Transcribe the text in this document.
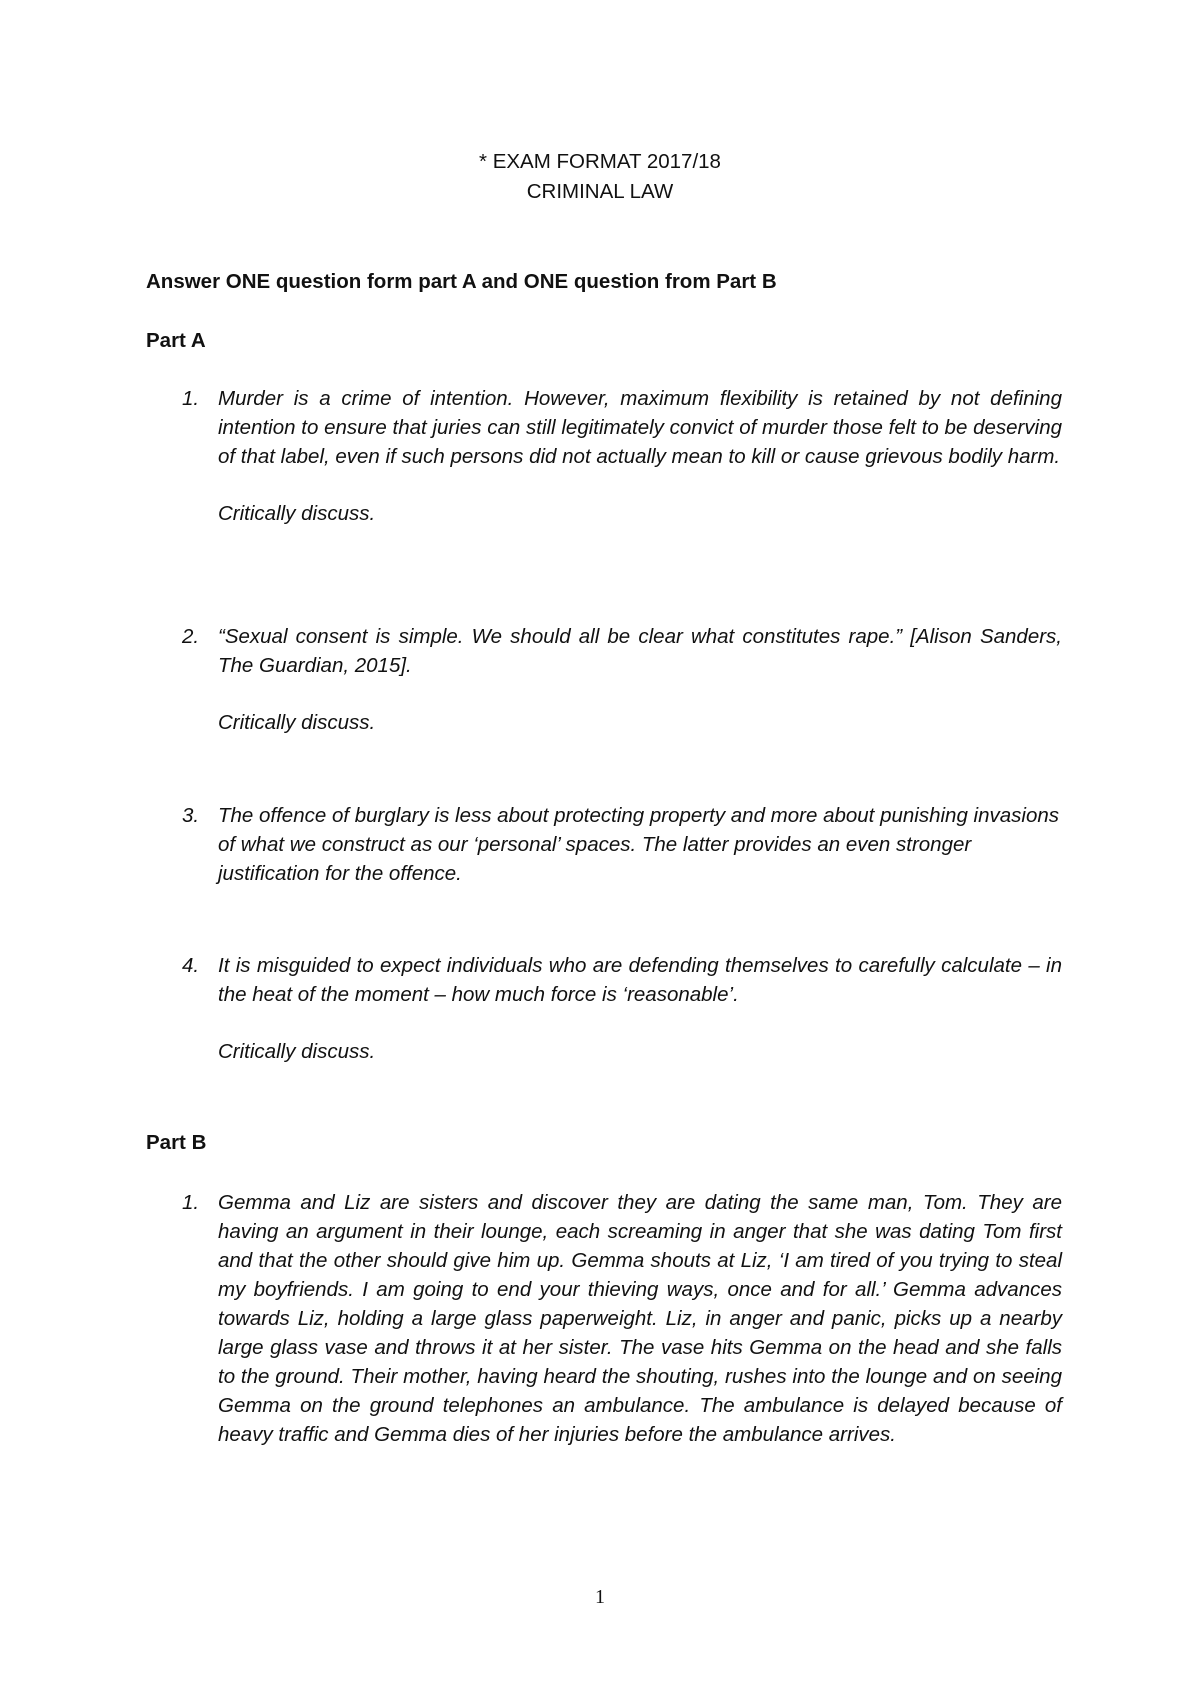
* EXAM FORMAT 2017/18
CRIMINAL LAW
Answer ONE question form part A and ONE question from Part B
Part A
1. Murder is a crime of intention. However, maximum flexibility is retained by not defining intention to ensure that juries can still legitimately convict of murder those felt to be deserving of that label, even if such persons did not actually mean to kill or cause grievous bodily harm.
Critically discuss.
2. “Sexual consent is simple. We should all be clear what constitutes rape.” [Alison Sanders, The Guardian, 2015].
Critically discuss.
3. The offence of burglary is less about protecting property and more about punishing invasions of what we construct as our ‘personal’ spaces. The latter provides an even stronger justification for the offence.
4. It is misguided to expect individuals who are defending themselves to carefully calculate – in the heat of the moment – how much force is ‘reasonable’.
Critically discuss.
Part B
1. Gemma and Liz are sisters and discover they are dating the same man, Tom. They are having an argument in their lounge, each screaming in anger that she was dating Tom first and that the other should give him up. Gemma shouts at Liz, ‘I am tired of you trying to steal my boyfriends. I am going to end your thieving ways, once and for all.’ Gemma advances towards Liz, holding a large glass paperweight. Liz, in anger and panic, picks up a nearby large glass vase and throws it at her sister. The vase hits Gemma on the head and she falls to the ground. Their mother, having heard the shouting, rushes into the lounge and on seeing Gemma on the ground telephones an ambulance. The ambulance is delayed because of heavy traffic and Gemma dies of her injuries before the ambulance arrives.
1
